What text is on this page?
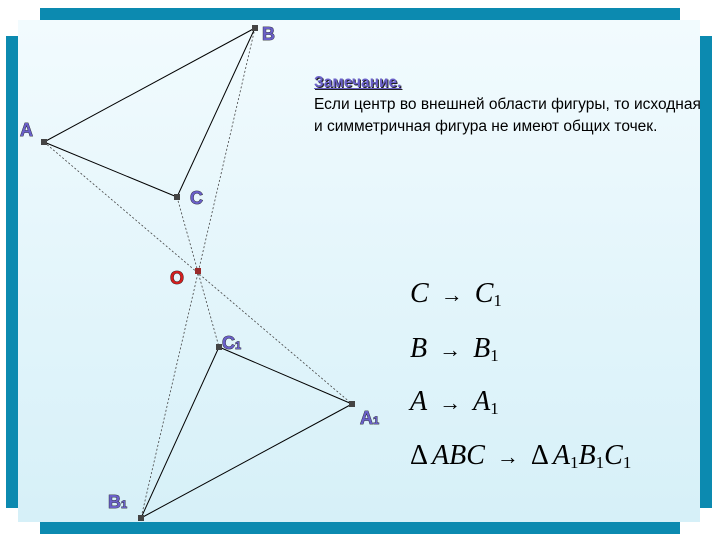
A
B
C
O
C1
A1
B1
Замечание.
Если центр во внешней области фигуры, то исходная и симметричная фигура не имеют общих точек.
C → C1
B → B1
A → A1
Δ ABC → Δ A1B1C1
